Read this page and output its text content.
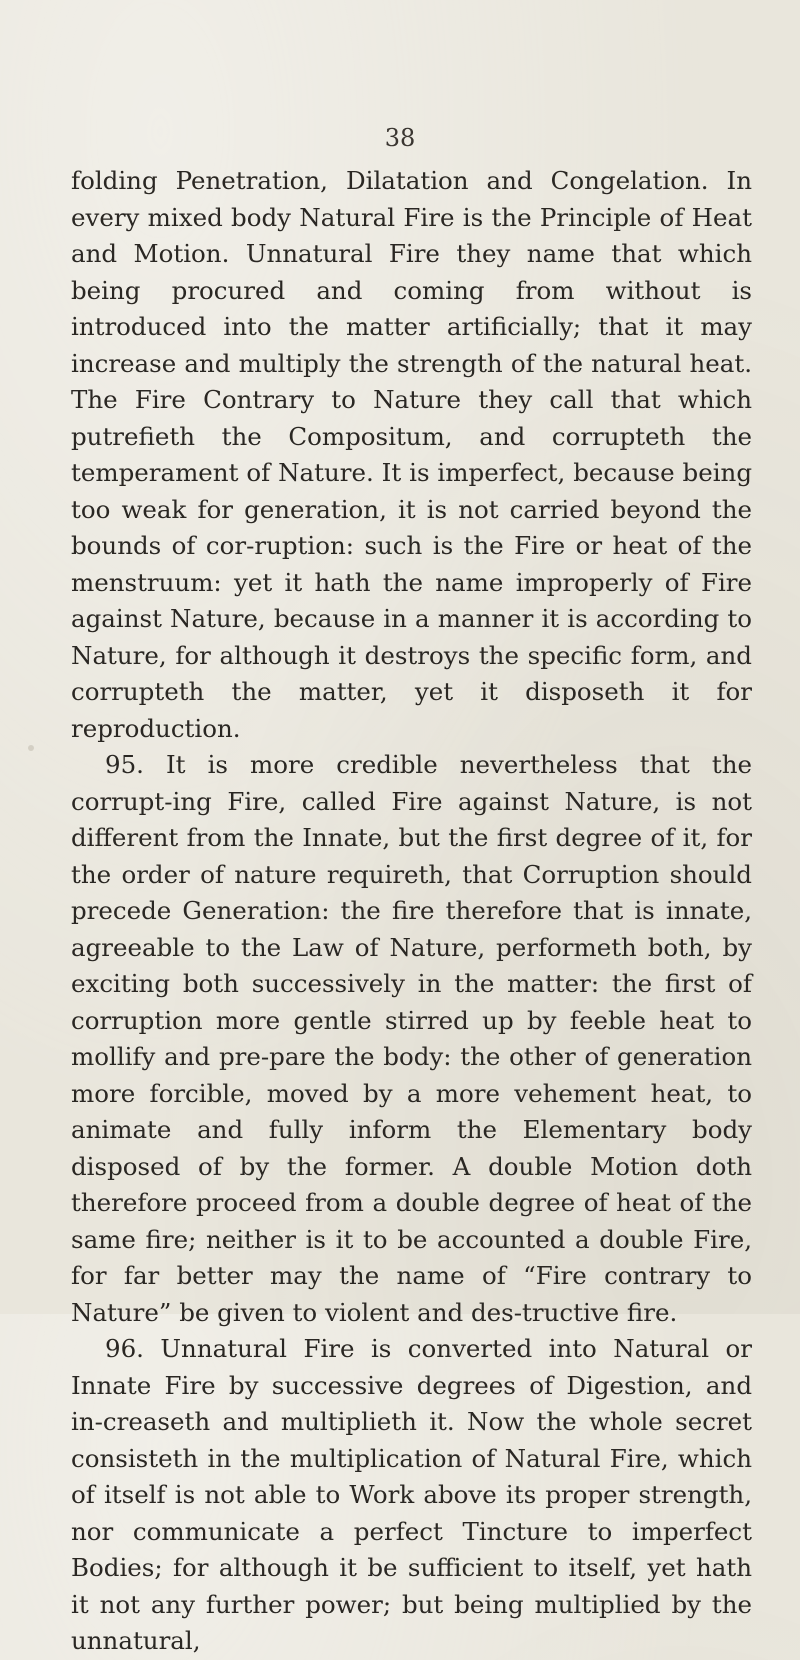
38

folding Penetration, Dilatation and Congelation. In every mixed body Natural Fire is the Principle of Heat and Motion. Unnatural Fire they name that which being procured and coming from without is introduced into the matter artificially; that it may increase and multiply the strength of the natural heat. The Fire Contrary to Nature they call that which putrefieth the Compositum, and corrupteth the temperament of Nature. It is imperfect, because being too weak for generation, it is not carried beyond the bounds of cor-ruption: such is the Fire or heat of the menstruum: yet it hath the name improperly of Fire against Nature, because in a manner it is according to Nature, for although it destroys the specific form, and corrupteth the matter, yet it disposeth it for reproduction.

95. It is more credible nevertheless that the corrupt-ing Fire, called Fire against Nature, is not different from the Innate, but the first degree of it, for the order of nature requireth, that Corruption should precede Generation: the fire therefore that is innate, agreeable to the Law of Nature, performeth both, by exciting both successively in the matter: the first of corruption more gentle stirred up by feeble heat to mollify and pre-pare the body: the other of generation more forcible, moved by a more vehement heat, to animate and fully inform the Elementary body disposed of by the former. A double Motion doth therefore proceed from a double degree of heat of the same fire; neither is it to be accounted a double Fire, for far better may the name of “Fire contrary to Nature” be given to violent and des-tructive fire.

96. Unnatural Fire is converted into Natural or Innate Fire by successive degrees of Digestion, and in-creaseth and multiplieth it. Now the whole secret consisteth in the multiplication of Natural Fire, which of itself is not able to Work above its proper strength, nor communicate a perfect Tincture to imperfect Bodies; for although it be sufficient to itself, yet hath it not any further power; but being multiplied by the unnatural,
